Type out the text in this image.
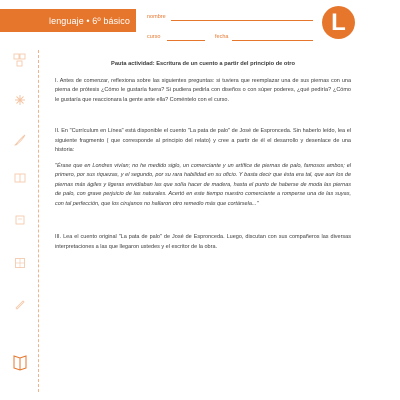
lenguaje • 6º básico	nombre
curso	fecha
L
Pauta actividad: Escritura de un cuento a partir del principio de otro

I. Antes de comenzar, reflexiona sobre las siguientes preguntas: si tuviera que reemplazar una de sus piernas con una pierna de prótesis ¿Cómo le gustaría fuera? Si pudiera pedirla con diseños o con súper poderes, ¿qué pediría? ¿Cómo le gustaría que reaccionara la gente ante ella? Coméntelo con el curso.

II. En "Currículum en Línea" está disponible el cuento "La pata de palo" de José de Espronceda. Sin haberlo leído, lea el siguiente fragmento ( que corresponde al principio del relato) y cree a partir de él el desarrollo y desenlace de una historia:

"Érase que en Londres vivían; no he medido siglo, un comerciante y un artífice de piernas de palo, famosos ambos; el primero, por sus riquezas, y el segundo, por su rara habilidad en su oficio. Y basta decir que ésta era tal, que aun los de piernas más ágiles y ligeras envidiaban las que solía hacer de madera, hasta el punto de haberse de moda las piernas de palo, con grave perjuicio de las naturales. Acertó en este tiempo nuestro comerciante a romperse una de las suyas, con tal perfección, que los cirujanos no hallaron otro remedio más que cortársela..."

III. Lea el cuento original "La pata de palo" de José de Espronceda. Luego, discutan con sus compañeros las diversas interpretaciones a las que llegaron ustedes y el escritor de la obra.
